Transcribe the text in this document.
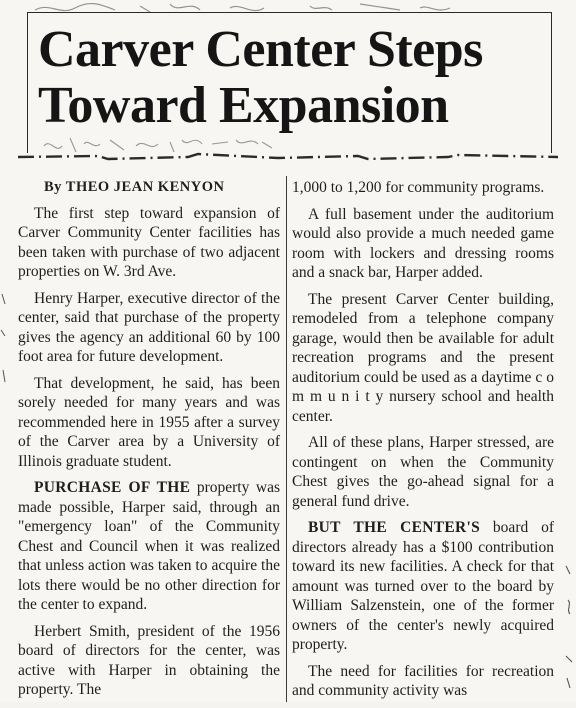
Carver Center Steps
Toward Expansion
By THEO JEAN KENYON

The first step toward expansion of Carver Community Center facilities has been taken with purchase of two adjacent properties on W. 3rd Ave.

Henry Harper, executive director of the center, said that purchase of the property gives the agency an additional 60 by 100 foot area for future development.

That development, he said, has been sorely needed for many years and was recommended here in 1955 after a survey of the Carver area by a University of Illinois graduate student.

PURCHASE OF THE property was made possible, Harper said, through an "emergency loan" of the Community Chest and Council when it was realized that unless action was taken to acquire the lots there would be no other direction for the center to expand.

Herbert Smith, president of the 1956 board of directors for the center, was active with Harper in obtaining the property. The

1,000 to 1,200 for community programs.

A full basement under the auditorium would also provide a much needed game room with lockers and dressing rooms and a snack bar, Harper added.

The present Carver Center building, remodeled from a telephone company garage, would then be available for adult recreation programs and the present auditorium could be used as a daytime c o m m u n i t y nursery school and health center.

All of these plans, Harper stressed, are contingent on when the Community Chest gives the go-ahead signal for a general fund drive.

BUT THE CENTER'S board of directors already has a $100 contribution toward its new facilities. A check for that amount was turned over to the board by William Salzenstein, one of the former owners of the center's newly acquired property.

The need for facilities for recreation and community activity was
